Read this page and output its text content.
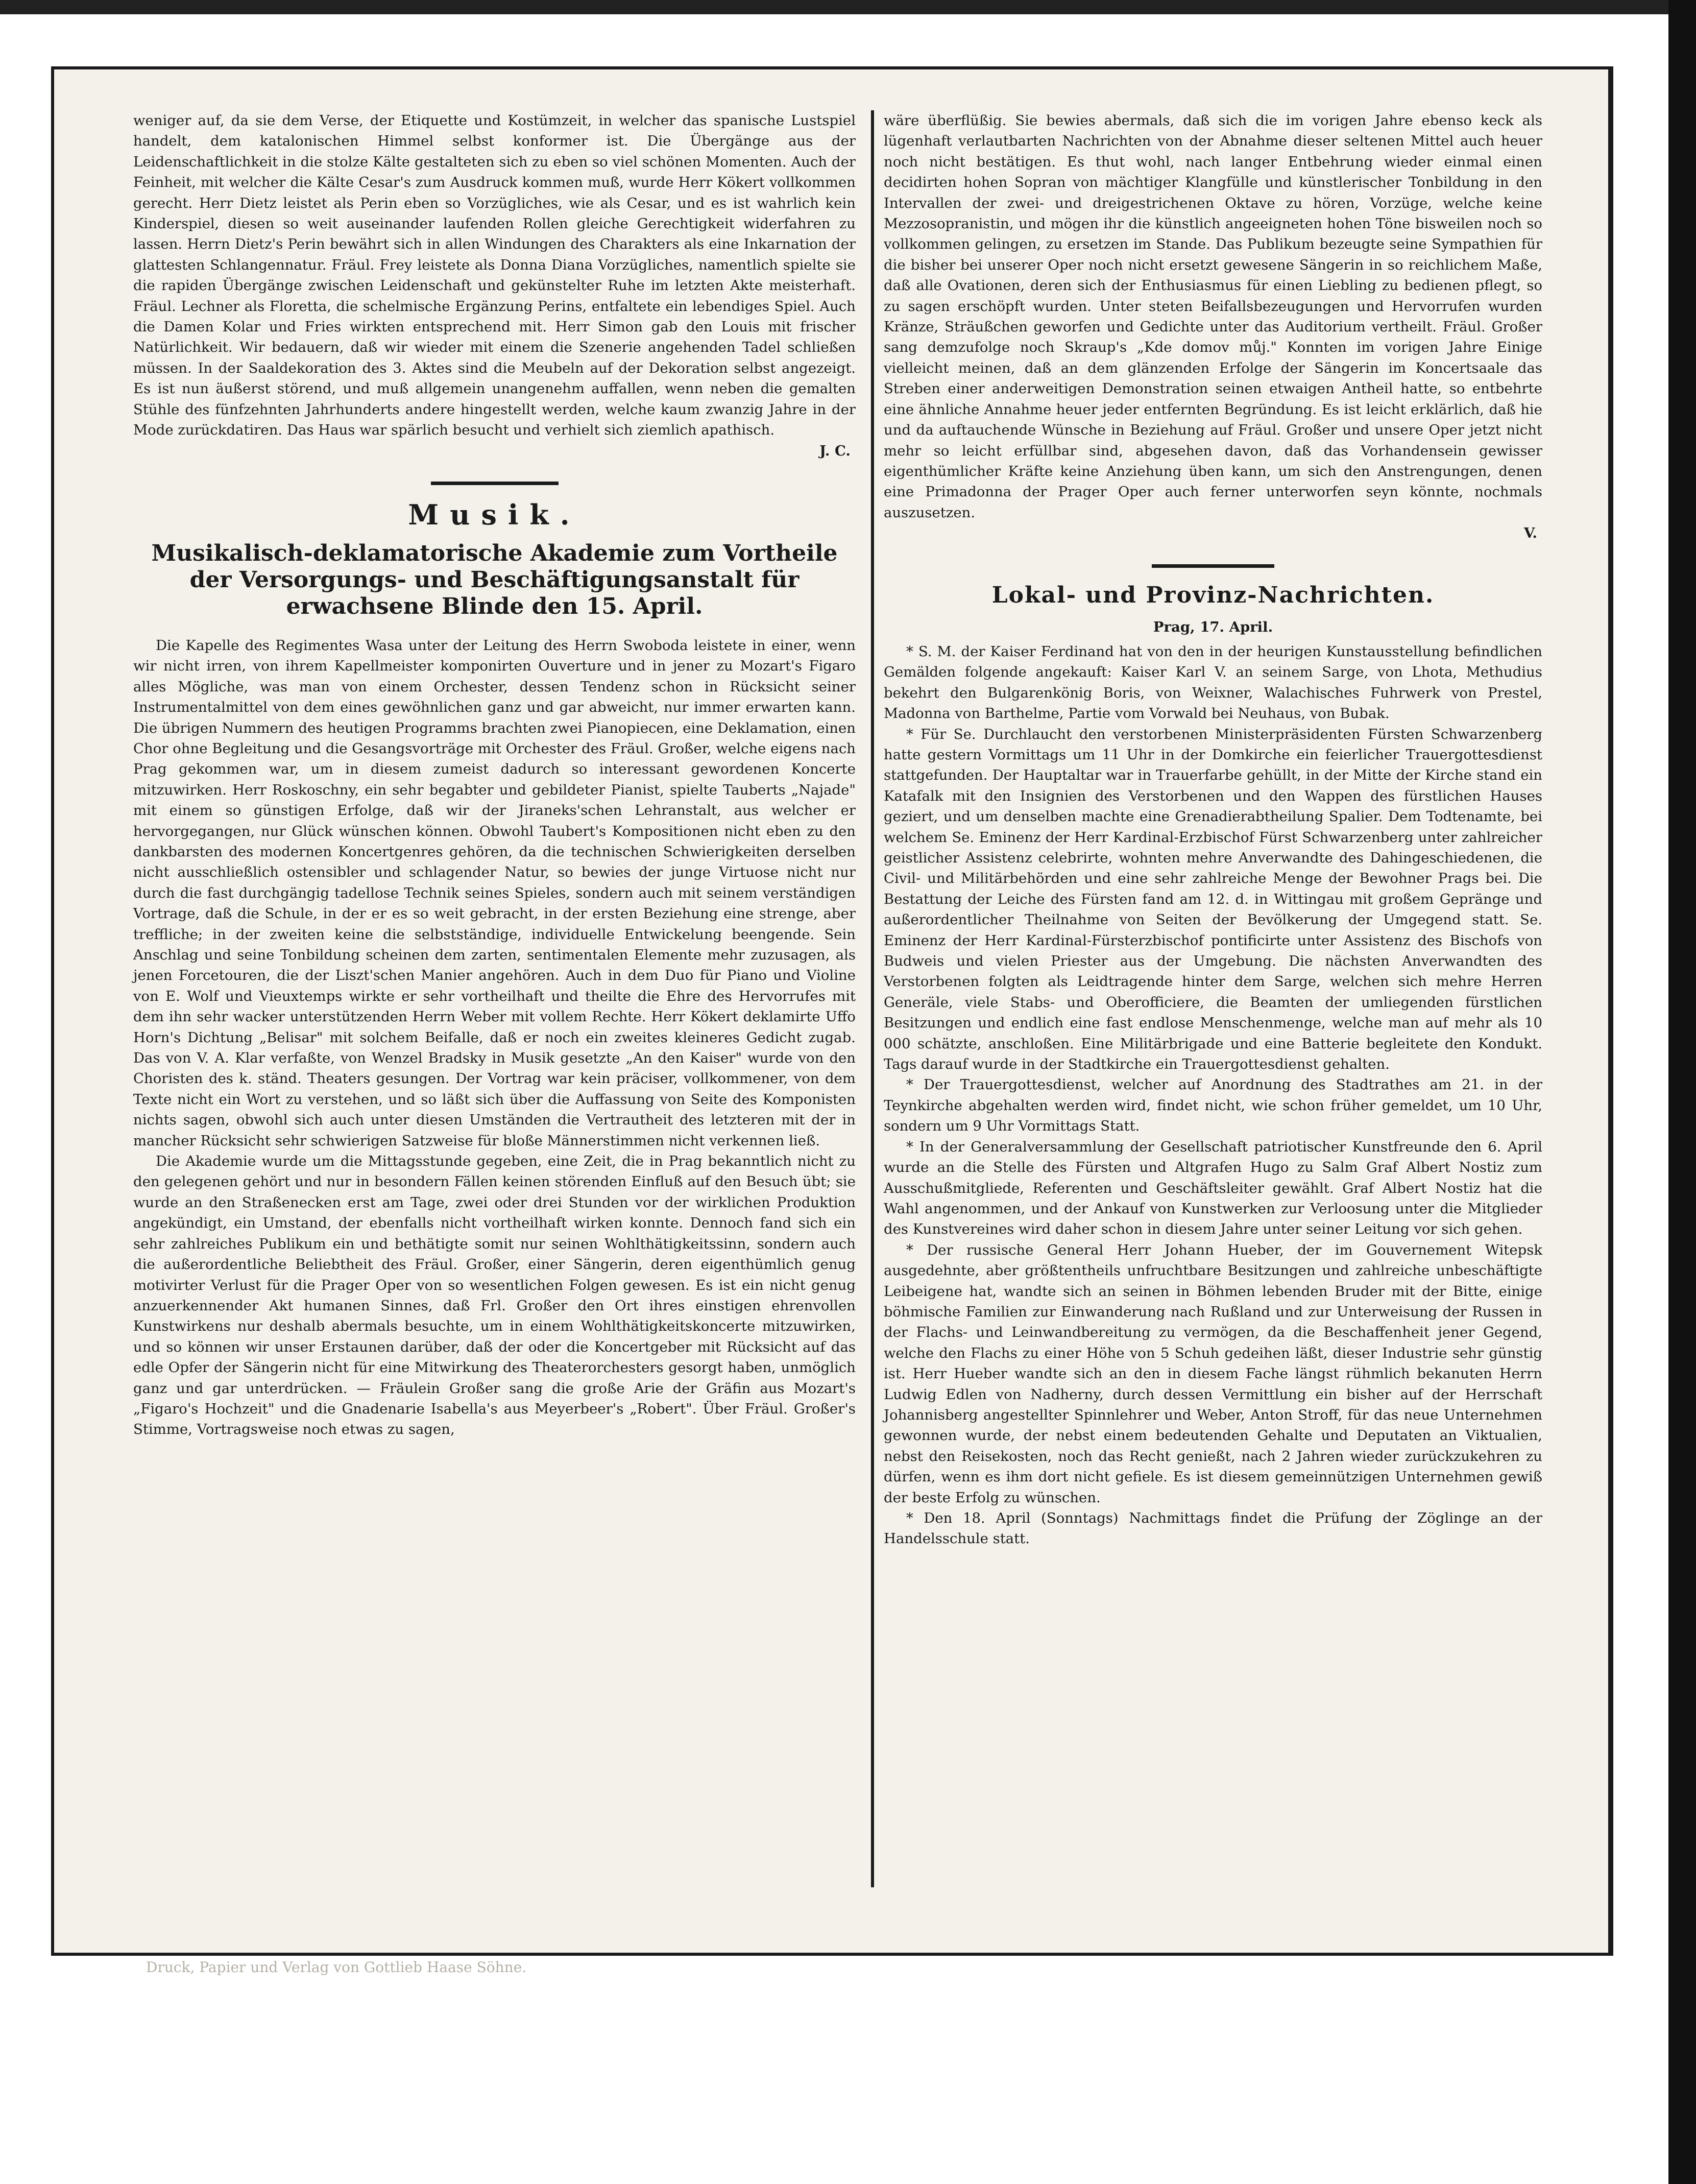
weniger auf, da sie dem Verse, der Etiquette und Kostümzeit, in welcher das spanische Lustspiel handelt, dem katalonischen Himmel selbst konformer ist. Die Übergänge aus der Leidenschaftlichkeit in die stolze Kälte gestalteten sich zu eben so viel schönen Momenten. Auch der Feinheit, mit welcher die Kälte Cesar's zum Ausdruck kommen muß, wurde Herr Kökert vollkommen gerecht. Herr Dietz leistet als Perin eben so Vorzügliches, wie als Cesar, und es ist wahrlich kein Kinderspiel, diesen so weit auseinander laufenden Rollen gleiche Gerechtigkeit widerfahren zu lassen. Herrn Dietz's Perin bewährt sich in allen Windungen des Charakters als eine Inkarnation der glattesten Schlangennatur. Fräul. Frey leistete als Donna Diana Vorzügliches, namentlich spielte sie die rapiden Übergänge zwischen Leidenschaft und gekünstelter Ruhe im letzten Akte meisterhaft. Fräul. Lechner als Floretta, die schelmische Ergänzung Perins, entfaltete ein lebendiges Spiel. Auch die Damen Kolar und Fries wirkten entsprechend mit. Herr Simon gab den Louis mit frischer Natürlichkeit. Wir bedauern, daß wir wieder mit einem die Szenerie angehenden Tadel schließen müssen. In der Saaldekoration des 3. Aktes sind die Meubeln auf der Dekoration selbst angezeigt. Es ist nun äußerst störend, und muß allgemein unangenehm auffallen, wenn neben die gemalten Stühle des fünfzehnten Jahrhunderts andere hingestellt werden, welche kaum zwanzig Jahre in der Mode zurückdatiren. Das Haus war spärlich besucht und verhielt sich ziemlich apathisch.

J. C.

Musik.
Musikalisch-deklamatorische Akademie zum Vortheile der Versorgungs- und Beschäftigungsanstalt für erwachsene Blinde den 15. April.

Die Kapelle des Regimentes Wasa unter der Leitung des Herrn Swoboda leistete in einer, wenn wir nicht irren, von ihrem Kapellmeister komponirten Ouverture und in jener zu Mozart's Figaro alles Mögliche, was man von einem Orchester, dessen Tendenz schon in Rücksicht seiner Instrumentalmittel von dem eines gewöhnlichen ganz und gar abweicht, nur immer erwarten kann. Die übrigen Nummern des heutigen Programms brachten zwei Pianopiecen, eine Deklamation, einen Chor ohne Begleitung und die Gesangsvorträge mit Orchester des Fräul. Großer, welche eigens nach Prag gekommen war, um in diesem zumeist dadurch so interessant gewordenen Koncerte mitzuwirken. Herr Roskoschny, ein sehr begabter und gebildeter Pianist, spielte Tauberts „Najade" mit einem so günstigen Erfolge, daß wir der Jiraneks'schen Lehranstalt, aus welcher er hervorgegangen, nur Glück wünschen können. Obwohl Taubert's Kompositionen nicht eben zu den dankbarsten des modernen Koncertgenres gehören, da die technischen Schwierigkeiten derselben nicht ausschließlich ostensibler und schlagender Natur, so bewies der junge Virtuose nicht nur durch die fast durchgängig tadellose Technik seines Spieles, sondern auch mit seinem verständigen Vortrage, daß die Schule, in der er es so weit gebracht, in der ersten Beziehung eine strenge, aber treffliche; in der zweiten keine die selbstständige, individuelle Entwickelung beengende. Sein Anschlag und seine Tonbildung scheinen dem zarten, sentimentalen Elemente mehr zuzusagen, als jenen Forcetouren, die der Liszt'schen Manier angehören. Auch in dem Duo für Piano und Violine von E. Wolf und Vieuxtemps wirkte er sehr vortheilhaft und theilte die Ehre des Hervorrufes mit dem ihn sehr wacker unterstützenden Herrn Weber mit vollem Rechte. Herr Kökert deklamirte Uffo Horn's Dichtung „Belisar" mit solchem Beifalle, daß er noch ein zweites kleineres Gedicht zugab. Das von V. A. Klar verfaßte, von Wenzel Bradsky in Musik gesetzte „An den Kaiser" wurde von den Choristen des k. ständ. Theaters gesungen. Der Vortrag war kein präciser, vollkommener, von dem Texte nicht ein Wort zu verstehen, und so läßt sich über die Auffassung von Seite des Komponisten nichts sagen, obwohl sich auch unter diesen Umständen die Vertrautheit des letzteren mit der in mancher Rücksicht sehr schwierigen Satzweise für bloße Männerstimmen nicht verkennen ließ.

Die Akademie wurde um die Mittagsstunde gegeben, eine Zeit, die in Prag bekanntlich nicht zu den gelegenen gehört und nur in besondern Fällen keinen störenden Einfluß auf den Besuch übt; sie wurde an den Straßenecken erst am Tage, zwei oder drei Stunden vor der wirklichen Produktion angekündigt, ein Umstand, der ebenfalls nicht vortheilhaft wirken konnte. Dennoch fand sich ein sehr zahlreiches Publikum ein und bethätigte somit nur seinen Wohlthätigkeitssinn, sondern auch die außerordentliche Beliebtheit des Fräul. Großer, einer Sängerin, deren eigenthümlich genug motivirter Verlust für die Prager Oper von so wesentlichen Folgen gewesen. Es ist ein nicht genug anzuerkennender Akt humanen Sinnes, daß Frl. Großer den Ort ihres einstigen ehrenvollen Kunstwirkens nur deshalb abermals besuchte, um in einem Wohlthätigkeitskoncerte mitzuwirken, und so können wir unser Erstaunen darüber, daß der oder die Koncertgeber mit Rücksicht auf das edle Opfer der Sängerin nicht für eine Mitwirkung des Theaterorchesters gesorgt haben, unmöglich ganz und gar unterdrücken. — Fräulein Großer sang die große Arie der Gräfin aus Mozart's „Figaro's Hochzeit" und die Gnadenarie Isabella's aus Meyerbeer's „Robert". Über Fräul. Großer's Stimme, Vortragsweise noch etwas zu sagen,

wäre überflüßig. Sie bewies abermals, daß sich die im vorigen Jahre ebenso keck als lügenhaft verlautbarten Nachrichten von der Abnahme dieser seltenen Mittel auch heuer noch nicht bestätigen. Es thut wohl, nach langer Entbehrung wieder einmal einen decidirten hohen Sopran von mächtiger Klangfülle und künstlerischer Tonbildung in den Intervallen der zwei- und dreigestrichenen Oktave zu hören, Vorzüge, welche keine Mezzosopranistin, und mögen ihr die künstlich angeeigneten hohen Töne bisweilen noch so vollkommen gelingen, zu ersetzen im Stande. Das Publikum bezeugte seine Sympathien für die bisher bei unserer Oper noch nicht ersetzt gewesene Sängerin in so reichlichem Maße, daß alle Ovationen, deren sich der Enthusiasmus für einen Liebling zu bedienen pflegt, so zu sagen erschöpft wurden. Unter steten Beifallsbezeugungen und Hervorrufen wurden Kränze, Sträußchen geworfen und Gedichte unter das Auditorium vertheilt. Fräul. Großer sang demzufolge noch Skraup's „Kde domov můj." Konnten im vorigen Jahre Einige vielleicht meinen, daß an dem glänzenden Erfolge der Sängerin im Koncertsaale das Streben einer anderweitigen Demonstration seinen etwaigen Antheil hatte, so entbehrte eine ähnliche Annahme heuer jeder entfernten Begründung. Es ist leicht erklärlich, daß hie und da auftauchende Wünsche in Beziehung auf Fräul. Großer und unsere Oper jetzt nicht mehr so leicht erfüllbar sind, abgesehen davon, daß das Vorhandensein gewisser eigenthümlicher Kräfte keine Anziehung üben kann, um sich den Anstrengungen, denen eine Primadonna der Prager Oper auch ferner unterworfen seyn könnte, nochmals auszusetzen.

V.

Lokal- und Provinz-Nachrichten.

Prag, 17. April.

* S. M. der Kaiser Ferdinand hat von den in der heurigen Kunstausstellung befindlichen Gemälden folgende angekauft: Kaiser Karl V. an seinem Sarge, von Lhota, Methudius bekehrt den Bulgarenkönig Boris, von Weixner, Walachisches Fuhrwerk von Prestel, Madonna von Barthelme, Partie vom Vorwald bei Neuhaus, von Bubak.

* Für Se. Durchlaucht den verstorbenen Ministerpräsidenten Fürsten Schwarzenberg hatte gestern Vormittags um 11 Uhr in der Domkirche ein feierlicher Trauergottesdienst stattgefunden. Der Hauptaltar war in Trauerfarbe gehüllt, in der Mitte der Kirche stand ein Katafalk mit den Insignien des Verstorbenen und den Wappen des fürstlichen Hauses geziert, und um denselben machte eine Grenadierabtheilung Spalier. Dem Todtenamte, bei welchem Se. Eminenz der Herr Kardinal-Erzbischof Fürst Schwarzenberg unter zahlreicher geistlicher Assistenz celebrirte, wohnten mehre Anverwandte des Dahingeschiedenen, die Civil- und Militärbehörden und eine sehr zahlreiche Menge der Bewohner Prags bei. Die Bestattung der Leiche des Fürsten fand am 12. d. in Wittingau mit großem Gepränge und außerordentlicher Theilnahme von Seiten der Bevölkerung der Umgegend statt. Se. Eminenz der Herr Kardinal-Fürsterzbischof pontificirte unter Assistenz des Bischofs von Budweis und vielen Priester aus der Umgebung. Die nächsten Anverwandten des Verstorbenen folgten als Leidtragende hinter dem Sarge, welchen sich mehre Herren Generäle, viele Stabs- und Oberofficiere, die Beamten der umliegenden fürstlichen Besitzungen und endlich eine fast endlose Menschenmenge, welche man auf mehr als 10 000 schätzte, anschloßen. Eine Militärbrigade und eine Batterie begleitete den Kondukt. Tags darauf wurde in der Stadtkirche ein Trauergottesdienst gehalten.

* Der Trauergottesdienst, welcher auf Anordnung des Stadtrathes am 21. in der Teynkirche abgehalten werden wird, findet nicht, wie schon früher gemeldet, um 10 Uhr, sondern um 9 Uhr Vormittags Statt.

* In der Generalversammlung der Gesellschaft patriotischer Kunstfreunde den 6. April wurde an die Stelle des Fürsten und Altgrafen Hugo zu Salm Graf Albert Nostiz zum Ausschußmitgliede, Referenten und Geschäftsleiter gewählt. Graf Albert Nostiz hat die Wahl angenommen, und der Ankauf von Kunstwerken zur Verloosung unter die Mitglieder des Kunstvereines wird daher schon in diesem Jahre unter seiner Leitung vor sich gehen.

* Der russische General Herr Johann Hueber, der im Gouvernement Witepsk ausgedehnte, aber größtentheils unfruchtbare Besitzungen und zahlreiche unbeschäftigte Leibeigene hat, wandte sich an seinen in Böhmen lebenden Bruder mit der Bitte, einige böhmische Familien zur Einwanderung nach Rußland und zur Unterweisung der Russen in der Flachs- und Leinwandbereitung zu vermögen, da die Beschaffenheit jener Gegend, welche den Flachs zu einer Höhe von 5 Schuh gedeihen läßt, dieser Industrie sehr günstig ist. Herr Hueber wandte sich an den in diesem Fache längst rühmlich bekanuten Herrn Ludwig Edlen von Nadherny, durch dessen Vermittlung ein bisher auf der Herrschaft Johannisberg angestellter Spinnlehrer und Weber, Anton Stroff, für das neue Unternehmen gewonnen wurde, der nebst einem bedeutenden Gehalte und Deputaten an Viktualien, nebst den Reisekosten, noch das Recht genießt, nach 2 Jahren wieder zurückzukehren zu dürfen, wenn es ihm dort nicht gefiele. Es ist diesem gemeinnützigen Unternehmen gewiß der beste Erfolg zu wünschen.

* Den 18. April (Sonntags) Nachmittags findet die Prüfung der Zöglinge an der Handelsschule statt.

Druck, Papier und Verlag von Gottlieb Haase Söhne.
